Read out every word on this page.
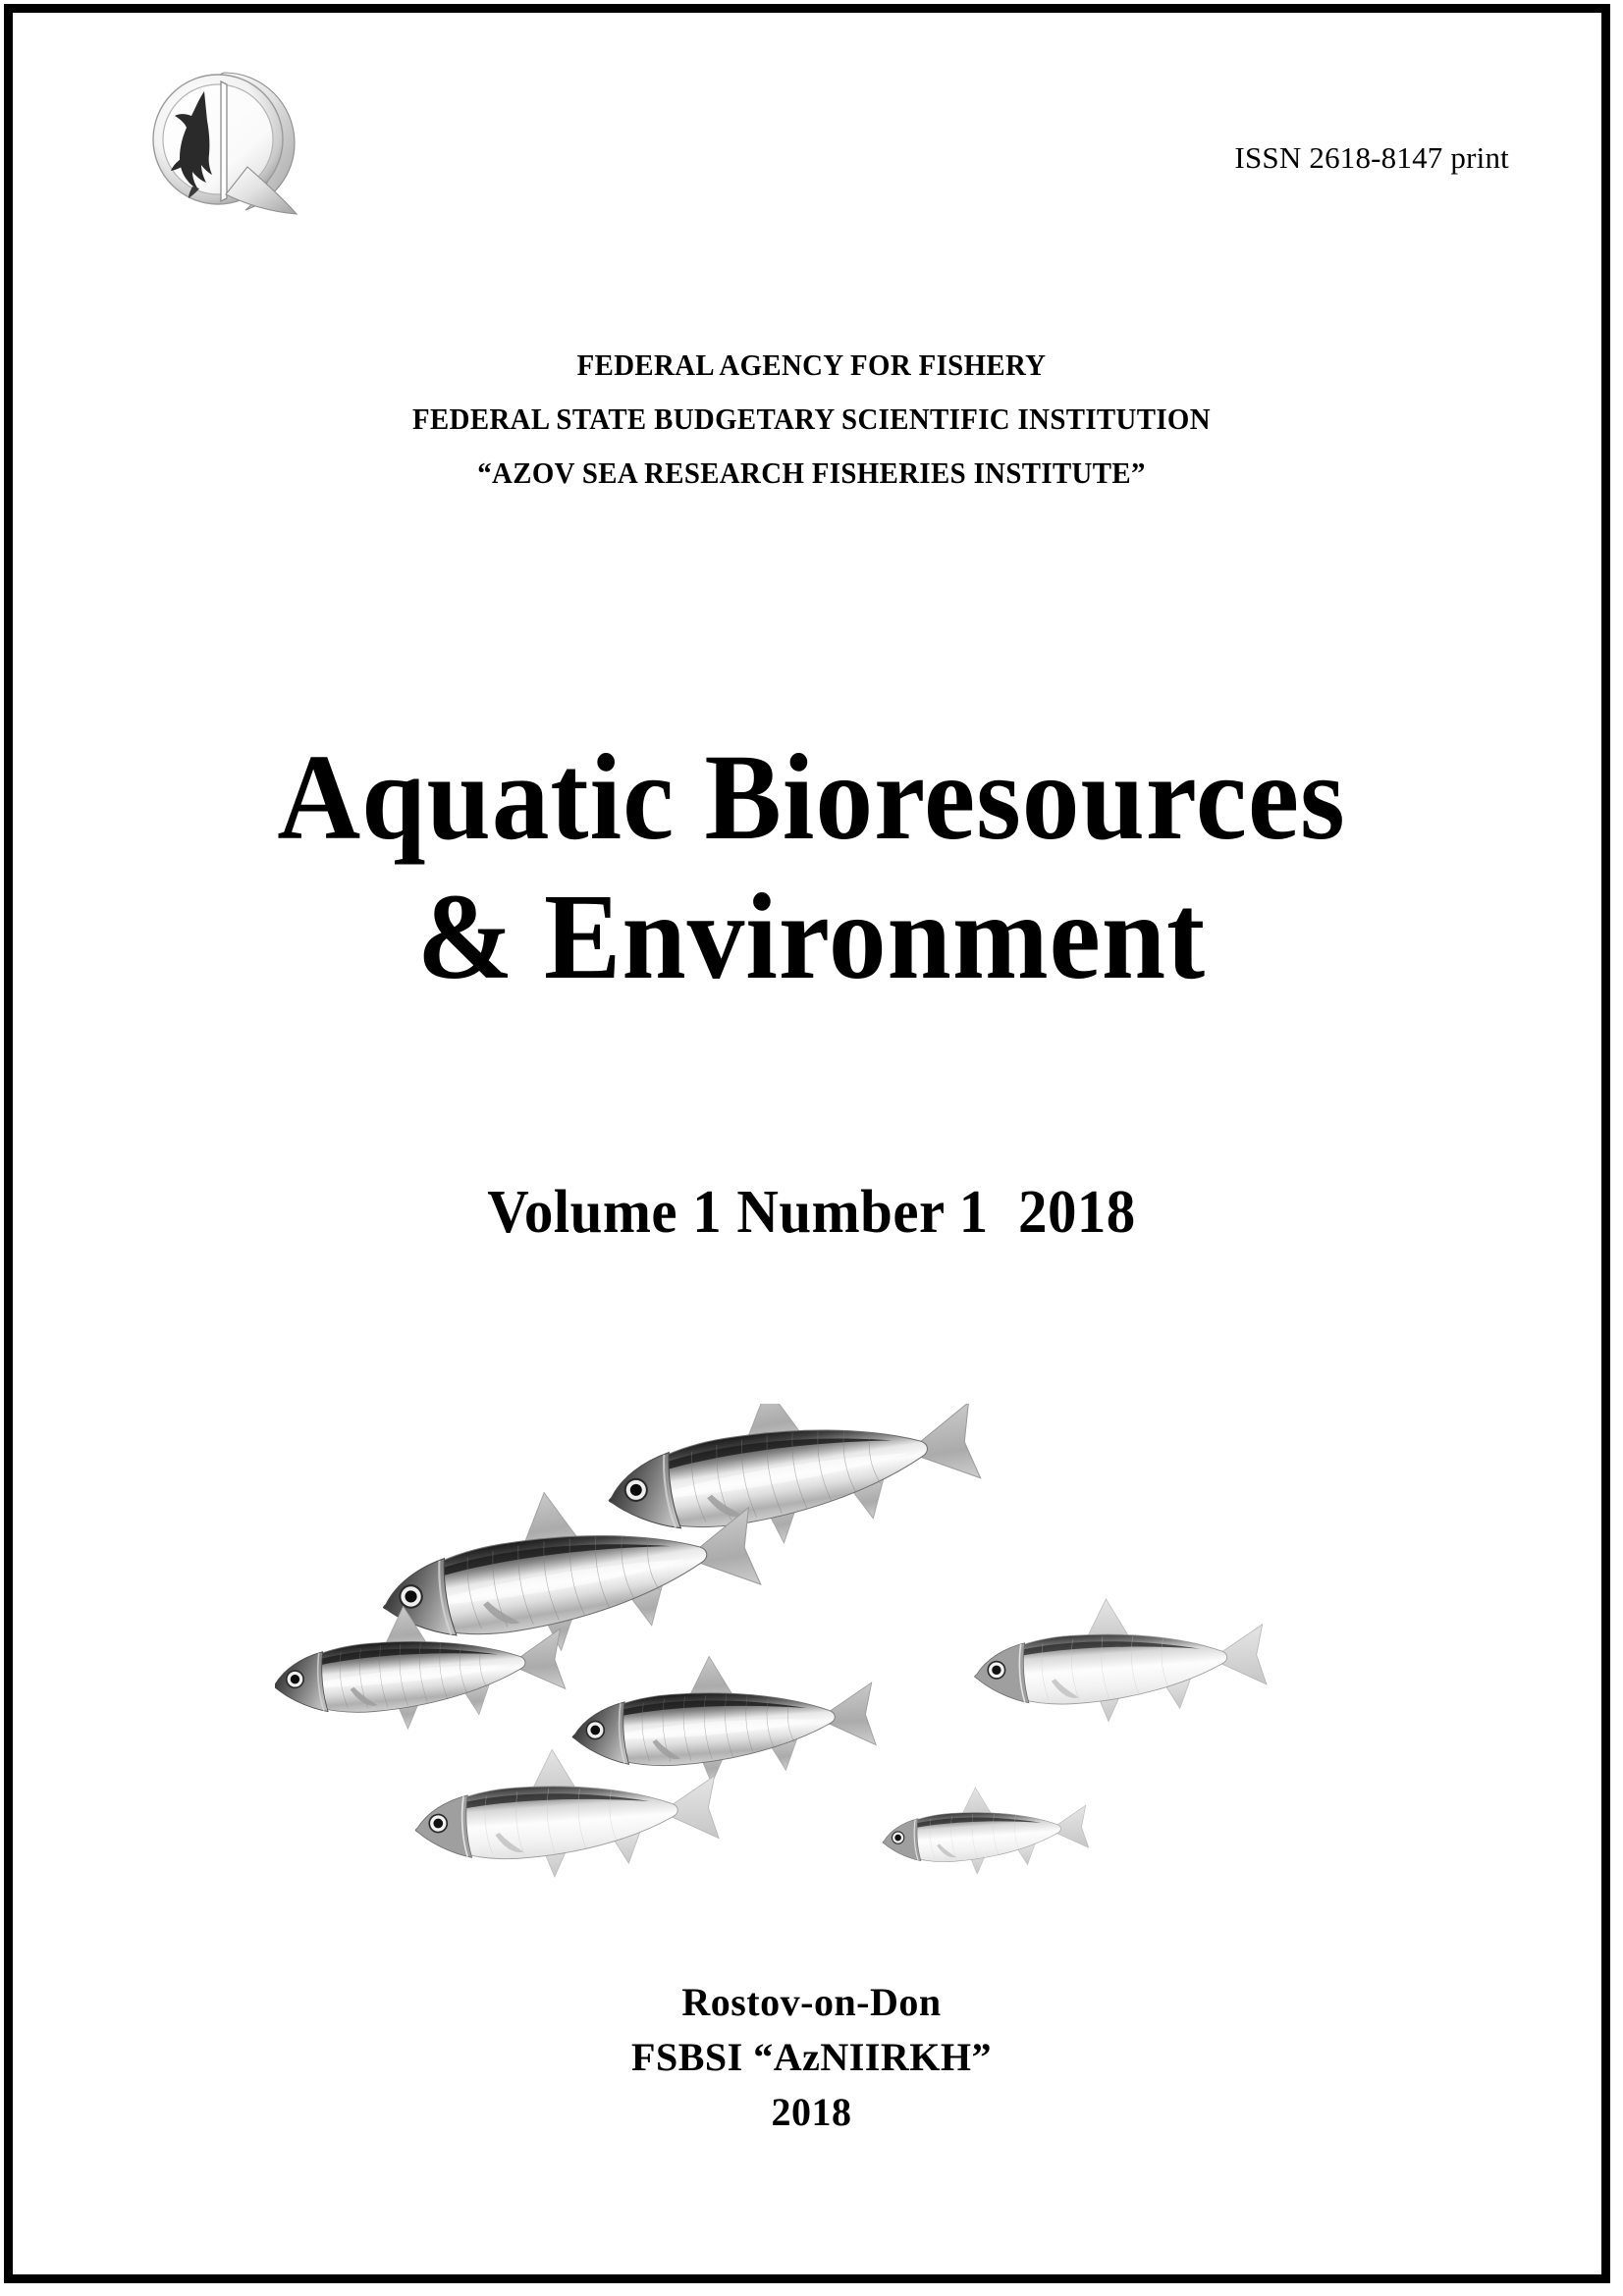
ISSN 2618-8147 print
FEDERAL AGENCY FOR FISHERY
FEDERAL STATE BUDGETARY SCIENTIFIC INSTITUTION
“AZOV SEA RESEARCH FISHERIES INSTITUTE”
Aquatic Bioresources
& Environment
Volume 1 Number 1  2018
Rostov-on-Don
FSBSI “AzNIIRKH”
2018
